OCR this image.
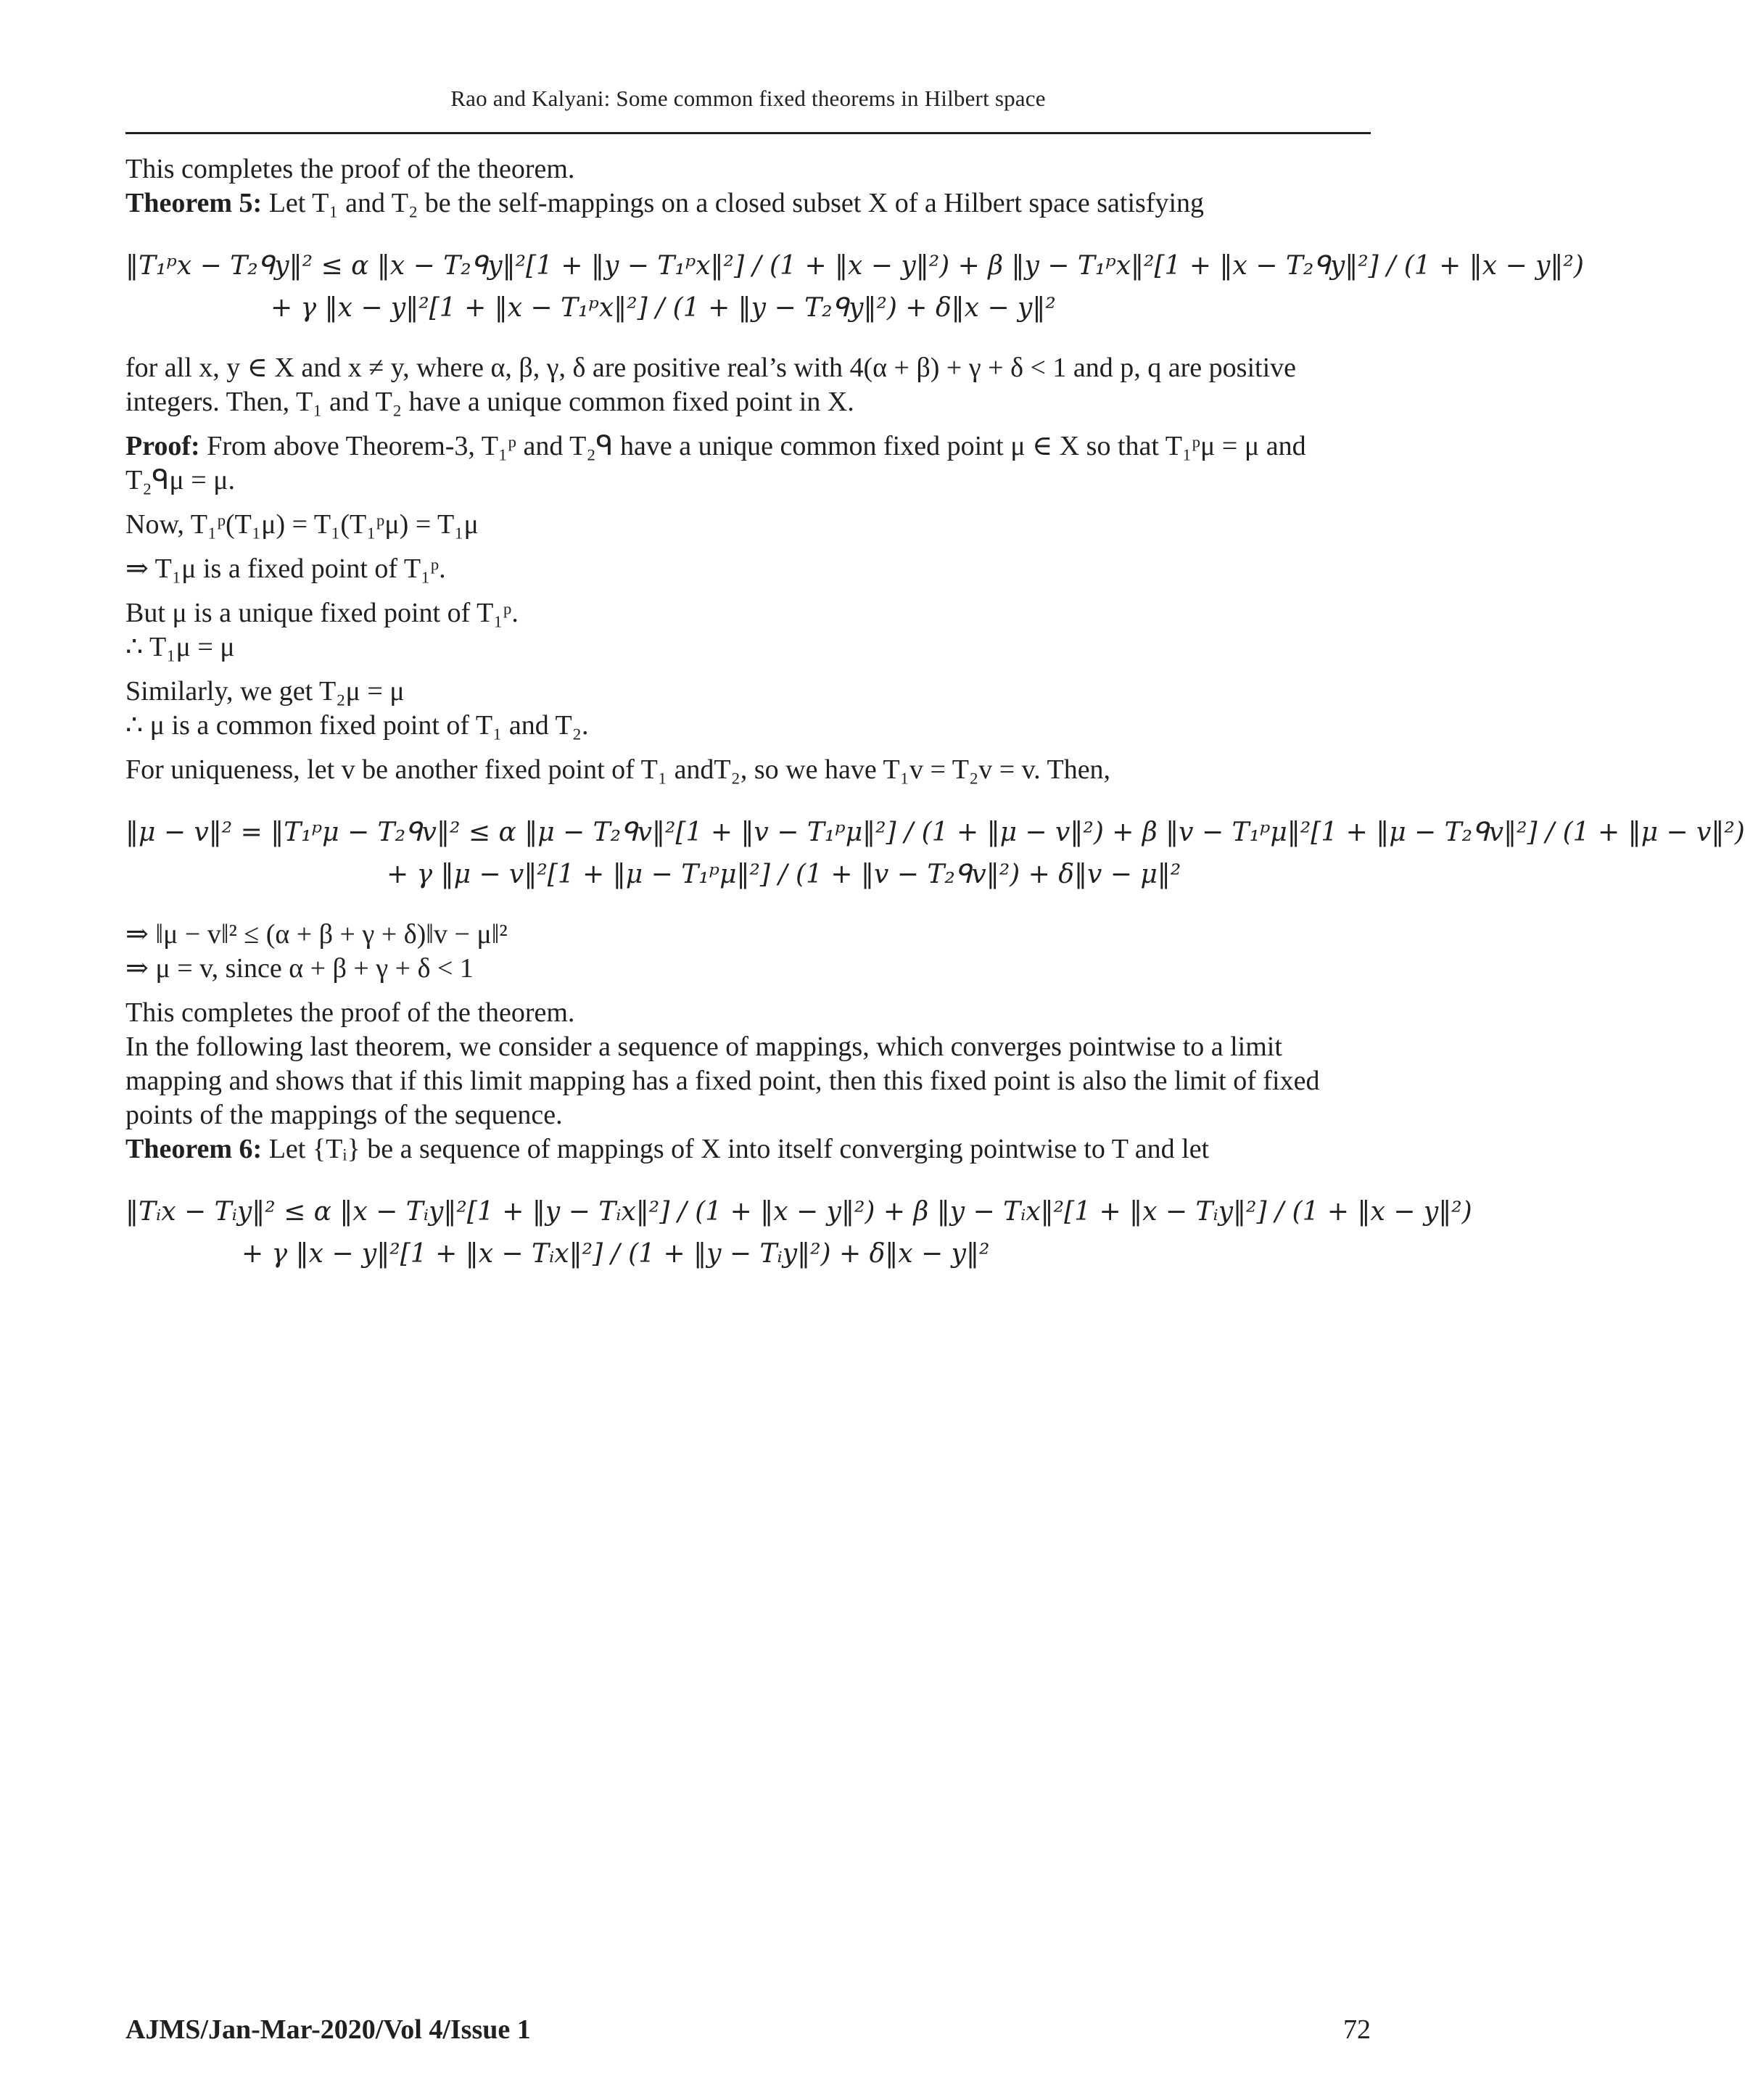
Rao and Kalyani: Some common fixed theorems in Hilbert space

This completes the proof of the theorem.

Theorem 5: Let T₁ and T₂ be the self-mappings on a closed subset X of a Hilbert space satisfying

‖T₁ᵖx − T₂ᑫy‖² ≤ α ‖x − T₂ᑫy‖²[1 + ‖y − T₁ᵖx‖²] / (1 + ‖x − y‖²) + β ‖y − T₁ᵖx‖²[1 + ‖x − T₂ᑫy‖²] / (1 + ‖x − y‖²)

+ γ ‖x − y‖²[1 + ‖x − T₁ᵖx‖²] / (1 + ‖y − T₂ᑫy‖²) + δ‖x − y‖²

for all x, y ∈ X and x ≠ y, where α, β, γ, δ are positive real’s with 4(α + β) + γ + δ < 1 and p, q are positive integers. Then, T₁ and T₂ have a unique common fixed point in X.

Proof: From above Theorem-3, T₁ᵖ and T₂ᑫ have a unique common fixed point μ ∈ X so that T₁ᵖμ = μ and T₂ᑫμ = μ.

Now, T₁ᵖ(T₁μ) = T₁(T₁ᵖμ) = T₁μ

⇒ T₁μ is a fixed point of T₁ᵖ.

But μ is a unique fixed point of T₁ᵖ.

∴ T₁μ = μ

Similarly, we get T₂μ = μ

∴ μ is a common fixed point of T₁ and T₂.

For uniqueness, let v be another fixed point of T₁ andT₂, so we have T₁v = T₂v = v. Then,

‖μ − v‖² = ‖T₁ᵖμ − T₂ᑫv‖² ≤ α ‖μ − T₂ᑫv‖²[1 + ‖v − T₁ᵖμ‖²] / (1 + ‖μ − v‖²) + β ‖v − T₁ᵖμ‖²[1 + ‖μ − T₂ᑫv‖²] / (1 + ‖μ − v‖²)

+ γ ‖μ − v‖²[1 + ‖μ − T₁ᵖμ‖²] / (1 + ‖v − T₂ᑫv‖²) + δ‖v − μ‖²

⇒ ‖μ − v‖² ≤ (α + β + γ + δ)‖v − μ‖²

⇒ μ = v, since α + β + γ + δ < 1

This completes the proof of the theorem.

In the following last theorem, we consider a sequence of mappings, which converges pointwise to a limit mapping and shows that if this limit mapping has a fixed point, then this fixed point is also the limit of fixed points of the mappings of the sequence.

Theorem 6: Let {Tᵢ} be a sequence of mappings of X into itself converging pointwise to T and let

‖Tᵢx − Tᵢy‖² ≤ α ‖x − Tᵢy‖²[1 + ‖y − Tᵢx‖²] / (1 + ‖x − y‖²) + β ‖y − Tᵢx‖²[1 + ‖x − Tᵢy‖²] / (1 + ‖x − y‖²)

+ γ ‖x − y‖²[1 + ‖x − Tᵢx‖²] / (1 + ‖y − Tᵢy‖²) + δ‖x − y‖²

AJMS/Jan-Mar-2020/Vol 4/Issue 1	72
